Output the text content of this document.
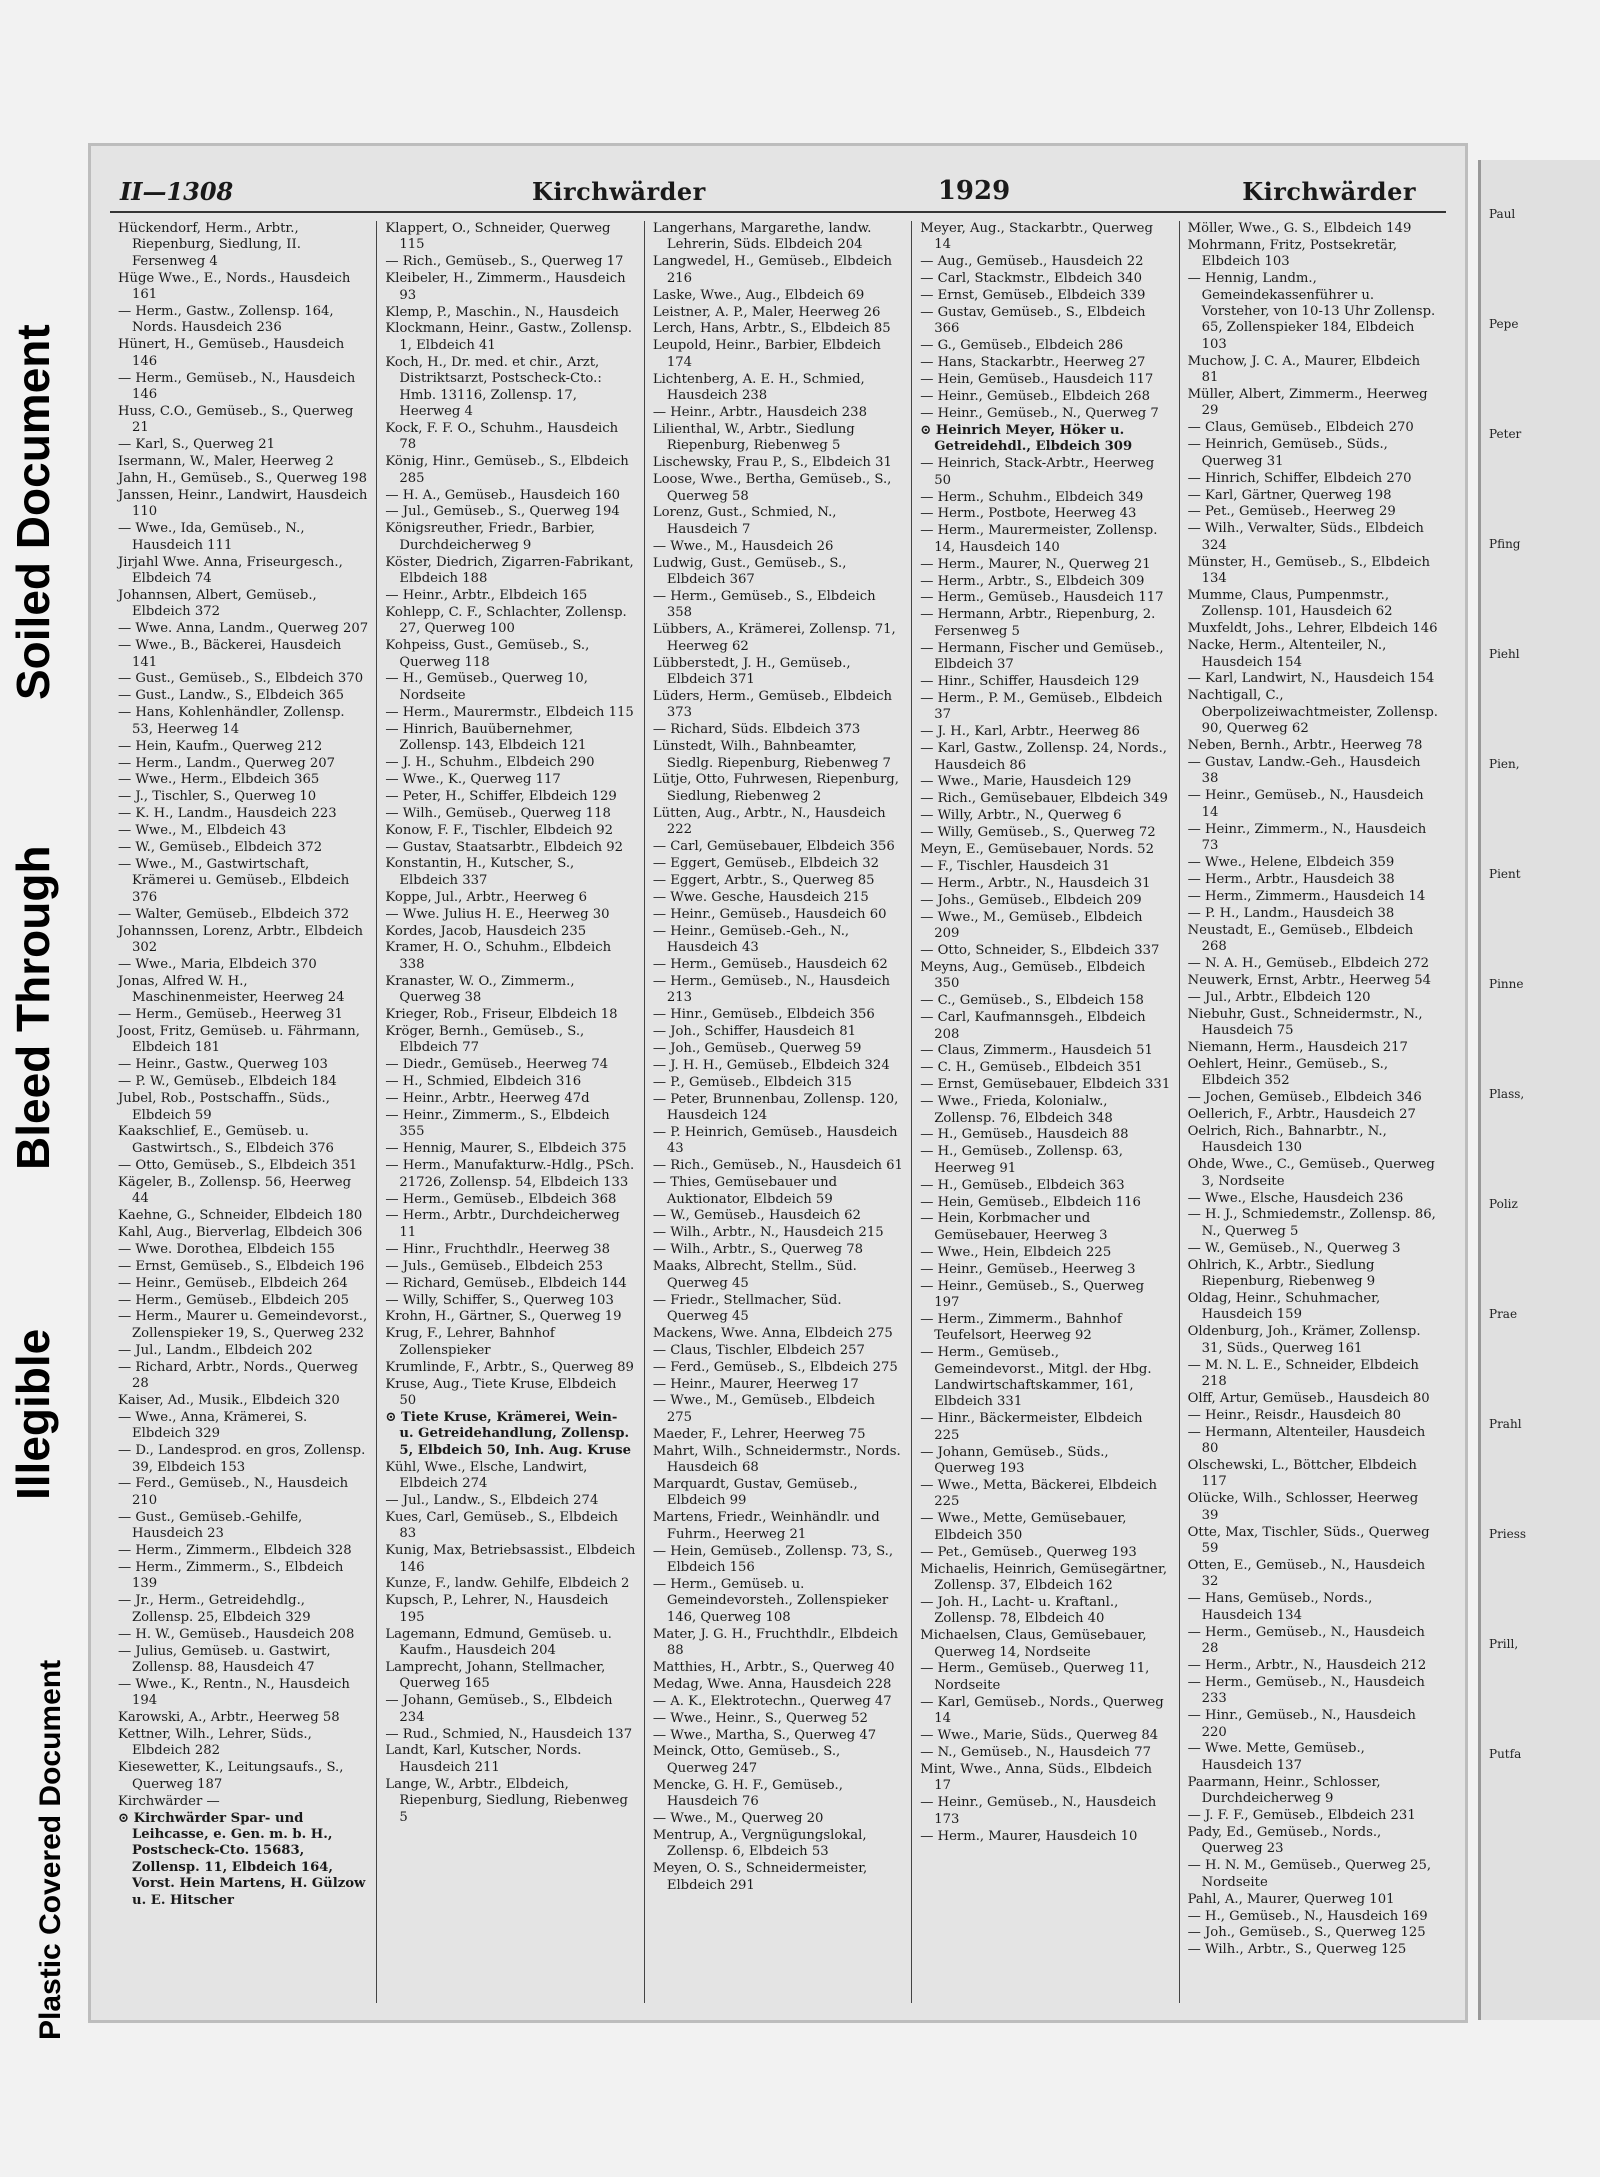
Soiled Document
Bleed Through
Illegible
Plastic Covered Document
II—1308	Kirchwärder	1929	Kirchwärder
Hückendorf, Herm., Arbtr., Riepenburg, Siedlung, II. Fersenweg 4
Hüge Wwe., E., Nords., Hausdeich 161
— Herm., Gastw., Zollensp. 164, Nords. Hausdeich 236
Hünert, H., Gemüseb., Hausdeich 146
— Herm., Gemüseb., N., Hausdeich 146
Huss, C.O., Gemüseb., S., Querweg 21
— Karl, S., Querweg 21
Isermann, W., Maler, Heerweg 2
Jahn, H., Gemüseb., S., Querweg 198
Janssen, Heinr., Landwirt, Hausdeich 110
— Wwe., Ida, Gemüseb., N., Hausdeich 111
Jirjahl Wwe. Anna, Friseurgesch., Elbdeich 74
Johannsen, Albert, Gemüseb., Elbdeich 372
— Wwe. Anna, Landm., Querweg 207
— Wwe., B., Bäckerei, Hausdeich 141
— Gust., Gemüseb., S., Elbdeich 370
— Gust., Landw., S., Elbdeich 365
— Hans, Kohlenhändler, Zollensp. 53, Heerweg 14
— Hein, Kaufm., Querweg 212
— Herm., Landm., Querweg 207
— Wwe., Herm., Elbdeich 365
— J., Tischler, S., Querweg 10
— K. H., Landm., Hausdeich 223
— Wwe., M., Elbdeich 43
— W., Gemüseb., Elbdeich 372
— Wwe., M., Gastwirtschaft, Krämerei u. Gemüseb., Elbdeich 376
— Walter, Gemüseb., Elbdeich 372
Johannssen, Lorenz, Arbtr., Elbdeich 302
— Wwe., Maria, Elbdeich 370
Jonas, Alfred W. H., Maschinenmeister, Heerweg 24
— Herm., Gemüseb., Heerweg 31
Joost, Fritz, Gemüseb. u. Fährmann, Elbdeich 181
— Heinr., Gastw., Querweg 103
— P. W., Gemüseb., Elbdeich 184
Jubel, Rob., Postschaffn., Süds., Elbdeich 59
Kaakschlief, E., Gemüseb. u. Gastwirtsch., S., Elbdeich 376
— Otto, Gemüseb., S., Elbdeich 351
Kägeler, B., Zollensp. 56, Heerweg 44
Kaehne, G., Schneider, Elbdeich 180
Kahl, Aug., Bierverlag, Elbdeich 306
— Wwe. Dorothea, Elbdeich 155
— Ernst, Gemüseb., S., Elbdeich 196
— Heinr., Gemüseb., Elbdeich 264
— Herm., Gemüseb., Elbdeich 205
— Herm., Maurer u. Gemeindevorst., Zollenspieker 19, S., Querweg 232
— Jul., Landm., Elbdeich 202
— Richard, Arbtr., Nords., Querweg 28
Kaiser, Ad., Musik., Elbdeich 320
— Wwe., Anna, Krämerei, S. Elbdeich 329
— D., Landesprod. en gros, Zollensp. 39, Elbdeich 153
— Ferd., Gemüseb., N., Hausdeich 210
— Gust., Gemüseb.-Gehilfe, Hausdeich 23
— Herm., Zimmerm., Elbdeich 328
— Herm., Zimmerm., S., Elbdeich 139
— Jr., Herm., Getreidehdlg., Zollensp. 25, Elbdeich 329
— H. W., Gemüseb., Hausdeich 208
— Julius, Gemüseb. u. Gastwirt, Zollensp. 88, Hausdeich 47
— Wwe., K., Rentn., N., Hausdeich 194
Karowski, A., Arbtr., Heerweg 58
Kettner, Wilh., Lehrer, Süds., Elbdeich 282
Kiesewetter, K., Leitungsaufs., S., Querweg 187
Kirchwärder —
⊙ Kirchwärder Spar- und Leihcasse, e. Gen. m. b. H., Postscheck-Cto. 15683, Zollensp. 11, Elbdeich 164, Vorst. Hein Martens, H. Gülzow u. E. Hitscher
Klappert, O., Schneider, Querweg 115
— Rich., Gemüseb., S., Querweg 17
Kleibeler, H., Zimmerm., Hausdeich 93
Klemp, P., Maschin., N., Hausdeich
Klockmann, Heinr., Gastw., Zollensp. 1, Elbdeich 41
Koch, H., Dr. med. et chir., Arzt, Distriktsarzt, Postscheck-Cto.: Hmb. 13116, Zollensp. 17, Heerweg 4
Kock, F. F. O., Schuhm., Hausdeich 78
König, Hinr., Gemüseb., S., Elbdeich 285
— H. A., Gemüseb., Hausdeich 160
— Jul., Gemüseb., S., Querweg 194
Königsreuther, Friedr., Barbier, Durchdeicherweg 9
Köster, Diedrich, Zigarren-Fabrikant, Elbdeich 188
— Heinr., Arbtr., Elbdeich 165
Kohlepp, C. F., Schlachter, Zollensp. 27, Querweg 100
Kohpeiss, Gust., Gemüseb., S., Querweg 118
— H., Gemüseb., Querweg 10, Nordseite
— Herm., Maurermstr., Elbdeich 115
— Hinrich, Bauübernehmer, Zollensp. 143, Elbdeich 121
— J. H., Schuhm., Elbdeich 290
— Wwe., K., Querweg 117
— Peter, H., Schiffer, Elbdeich 129
— Wilh., Gemüseb., Querweg 118
Konow, F. F., Tischler, Elbdeich 92
— Gustav, Staatsarbtr., Elbdeich 92
Konstantin, H., Kutscher, S., Elbdeich 337
Koppe, Jul., Arbtr., Heerweg 6
— Wwe. Julius H. E., Heerweg 30
Kordes, Jacob, Hausdeich 235
Kramer, H. O., Schuhm., Elbdeich 338
Kranaster, W. O., Zimmerm., Querweg 38
Krieger, Rob., Friseur, Elbdeich 18
Kröger, Bernh., Gemüseb., S., Elbdeich 77
— Diedr., Gemüseb., Heerweg 74
— H., Schmied, Elbdeich 316
— Heinr., Arbtr., Heerweg 47d
— Heinr., Zimmerm., S., Elbdeich 355
— Hennig, Maurer, S., Elbdeich 375
— Herm., Manufakturw.-Hdlg., PSch. 21726, Zollensp. 54, Elbdeich 133
— Herm., Gemüseb., Elbdeich 368
— Herm., Arbtr., Durchdeicherweg 11
— Hinr., Fruchthdlr., Heerweg 38
— Juls., Gemüseb., Elbdeich 253
— Richard, Gemüseb., Elbdeich 144
— Willy, Schiffer, S., Querweg 103
Krohn, H., Gärtner, S., Querweg 19
Krug, F., Lehrer, Bahnhof Zollenspieker
Krumlinde, F., Arbtr., S., Querweg 89
Kruse, Aug., Tiete Kruse, Elbdeich 50
⊙ Tiete Kruse, Krämerei, Wein- u. Getreidehandlung, Zollensp. 5, Elbdeich 50, Inh. Aug. Kruse
Kühl, Wwe., Elsche, Landwirt, Elbdeich 274
— Jul., Landw., S., Elbdeich 274
Kues, Carl, Gemüseb., S., Elbdeich 83
Kunig, Max, Betriebsassist., Elbdeich 146
Kunze, F., landw. Gehilfe, Elbdeich 2
Kupsch, P., Lehrer, N., Hausdeich 195
Lagemann, Edmund, Gemüseb. u. Kaufm., Hausdeich 204
Lamprecht, Johann, Stellmacher, Querweg 165
— Johann, Gemüseb., S., Elbdeich 234
— Rud., Schmied, N., Hausdeich 137
Landt, Karl, Kutscher, Nords. Hausdeich 211
Lange, W., Arbtr., Elbdeich, Riepenburg, Siedlung, Riebenweg 5
Langerhans, Margarethe, landw. Lehrerin, Süds. Elbdeich 204
Langwedel, H., Gemüseb., Elbdeich 216
Laske, Wwe., Aug., Elbdeich 69
Leistner, A. P., Maler, Heerweg 26
Lerch, Hans, Arbtr., S., Elbdeich 85
Leupold, Heinr., Barbier, Elbdeich 174
Lichtenberg, A. E. H., Schmied, Hausdeich 238
— Heinr., Arbtr., Hausdeich 238
Lilienthal, W., Arbtr., Siedlung Riepenburg, Riebenweg 5
Lischewsky, Frau P., S., Elbdeich 31
Loose, Wwe., Bertha, Gemüseb., S., Querweg 58
Lorenz, Gust., Schmied, N., Hausdeich 7
— Wwe., M., Hausdeich 26
Ludwig, Gust., Gemüseb., S., Elbdeich 367
— Herm., Gemüseb., S., Elbdeich 358
Lübbers, A., Krämerei, Zollensp. 71, Heerweg 62
Lübberstedt, J. H., Gemüseb., Elbdeich 371
Lüders, Herm., Gemüseb., Elbdeich 373
— Richard, Süds. Elbdeich 373
Lünstedt, Wilh., Bahnbeamter, Siedlg. Riepenburg, Riebenweg 7
Lütje, Otto, Fuhrwesen, Riepenburg, Siedlung, Riebenweg 2
Lütten, Aug., Arbtr., N., Hausdeich 222
— Carl, Gemüsebauer, Elbdeich 356
— Eggert, Gemüseb., Elbdeich 32
— Eggert, Arbtr., S., Querweg 85
— Wwe. Gesche, Hausdeich 215
— Heinr., Gemüseb., Hausdeich 60
— Heinr., Gemüseb.-Geh., N., Hausdeich 43
— Herm., Gemüseb., Hausdeich 62
— Herm., Gemüseb., N., Hausdeich 213
— Hinr., Gemüseb., Elbdeich 356
— Joh., Schiffer, Hausdeich 81
— Joh., Gemüseb., Querweg 59
— J. H. H., Gemüseb., Elbdeich 324
— P., Gemüseb., Elbdeich 315
— Peter, Brunnenbau, Zollensp. 120, Hausdeich 124
— P. Heinrich, Gemüseb., Hausdeich 43
— Rich., Gemüseb., N., Hausdeich 61
— Thies, Gemüsebauer und Auktionator, Elbdeich 59
— W., Gemüseb., Hausdeich 62
— Wilh., Arbtr., N., Hausdeich 215
— Wilh., Arbtr., S., Querweg 78
Maaks, Albrecht, Stellm., Süd. Querweg 45
— Friedr., Stellmacher, Süd. Querweg 45
Mackens, Wwe. Anna, Elbdeich 275
— Claus, Tischler, Elbdeich 257
— Ferd., Gemüseb., S., Elbdeich 275
— Heinr., Maurer, Heerweg 17
— Wwe., M., Gemüseb., Elbdeich 275
Maeder, F., Lehrer, Heerweg 75
Mahrt, Wilh., Schneidermstr., Nords. Hausdeich 68
Marquardt, Gustav, Gemüseb., Elbdeich 99
Martens, Friedr., Weinhändlr. und Fuhrm., Heerweg 21
— Hein, Gemüseb., Zollensp. 73, S., Elbdeich 156
— Herm., Gemüseb. u. Gemeindevorsteh., Zollenspieker 146, Querweg 108
Mater, J. G. H., Fruchthdlr., Elbdeich 88
Matthies, H., Arbtr., S., Querweg 40
Medag, Wwe. Anna, Hausdeich 228
— A. K., Elektrotechn., Querweg 47
— Wwe., Heinr., S., Querweg 52
— Wwe., Martha, S., Querweg 47
Meinck, Otto, Gemüseb., S., Querweg 247
Mencke, G. H. F., Gemüseb., Hausdeich 76
— Wwe., M., Querweg 20
Mentrup, A., Vergnügungslokal, Zollensp. 6, Elbdeich 53
Meyen, O. S., Schneidermeister, Elbdeich 291
Meyer, Aug., Stackarbtr., Querweg 14
— Aug., Gemüseb., Hausdeich 22
— Carl, Stackmstr., Elbdeich 340
— Ernst, Gemüseb., Elbdeich 339
— Gustav, Gemüseb., S., Elbdeich 366
— G., Gemüseb., Elbdeich 286
— Hans, Stackarbtr., Heerweg 27
— Hein, Gemüseb., Hausdeich 117
— Heinr., Gemüseb., Elbdeich 268
— Heinr., Gemüseb., N., Querweg 7
⊙ Heinrich Meyer, Höker u. Getreidehdl., Elbdeich 309
— Heinrich, Stack-Arbtr., Heerweg 50
— Herm., Schuhm., Elbdeich 349
— Herm., Postbote, Heerweg 43
— Herm., Maurermeister, Zollensp. 14, Hausdeich 140
— Herm., Maurer, N., Querweg 21
— Herm., Arbtr., S., Elbdeich 309
— Herm., Gemüseb., Hausdeich 117
— Hermann, Arbtr., Riepenburg, 2. Fersenweg 5
— Hermann, Fischer und Gemüseb., Elbdeich 37
— Hinr., Schiffer, Hausdeich 129
— Herm., P. M., Gemüseb., Elbdeich 37
— J. H., Karl, Arbtr., Heerweg 86
— Karl, Gastw., Zollensp. 24, Nords., Hausdeich 86
— Wwe., Marie, Hausdeich 129
— Rich., Gemüsebauer, Elbdeich 349
— Willy, Arbtr., N., Querweg 6
— Willy, Gemüseb., S., Querweg 72
Meyn, E., Gemüsebauer, Nords. 52
— F., Tischler, Hausdeich 31
— Herm., Arbtr., N., Hausdeich 31
— Johs., Gemüseb., Elbdeich 209
— Wwe., M., Gemüseb., Elbdeich 209
— Otto, Schneider, S., Elbdeich 337
Meyns, Aug., Gemüseb., Elbdeich 350
— C., Gemüseb., S., Elbdeich 158
— Carl, Kaufmannsgeh., Elbdeich 208
— Claus, Zimmerm., Hausdeich 51
— C. H., Gemüseb., Elbdeich 351
— Ernst, Gemüsebauer, Elbdeich 331
— Wwe., Frieda, Kolonialw., Zollensp. 76, Elbdeich 348
— H., Gemüseb., Hausdeich 88
— H., Gemüseb., Zollensp. 63, Heerweg 91
— H., Gemüseb., Elbdeich 363
— Hein, Gemüseb., Elbdeich 116
— Hein, Korbmacher und Gemüsebauer, Heerweg 3
— Wwe., Hein, Elbdeich 225
— Heinr., Gemüseb., Heerweg 3
— Heinr., Gemüseb., S., Querweg 197
— Herm., Zimmerm., Bahnhof Teufelsort, Heerweg 92
— Herm., Gemüseb., Gemeindevorst., Mitgl. der Hbg. Landwirtschaftskammer, 161, Elbdeich 331
— Hinr., Bäckermeister, Elbdeich 225
— Johann, Gemüseb., Süds., Querweg 193
— Wwe., Metta, Bäckerei, Elbdeich 225
— Wwe., Mette, Gemüsebauer, Elbdeich 350
— Pet., Gemüseb., Querweg 193
Michaelis, Heinrich, Gemüsegärtner, Zollensp. 37, Elbdeich 162
— Joh. H., Lacht- u. Kraftanl., Zollensp. 78, Elbdeich 40
Michaelsen, Claus, Gemüsebauer, Querweg 14, Nordseite
— Herm., Gemüseb., Querweg 11, Nordseite
— Karl, Gemüseb., Nords., Querweg 14
— Wwe., Marie, Süds., Querweg 84
— N., Gemüseb., N., Hausdeich 77
Mint, Wwe., Anna, Süds., Elbdeich 17
— Heinr., Gemüseb., N., Hausdeich 173
— Herm., Maurer, Hausdeich 10
Möller, Wwe., G. S., Elbdeich 149
Mohrmann, Fritz, Postsekretär, Elbdeich 103
— Hennig, Landm., Gemeindekassenführer u. Vorsteher, von 10-13 Uhr Zollensp. 65, Zollenspieker 184, Elbdeich 103
Muchow, J. C. A., Maurer, Elbdeich 81
Müller, Albert, Zimmerm., Heerweg 29
— Claus, Gemüseb., Elbdeich 270
— Heinrich, Gemüseb., Süds., Querweg 31
— Hinrich, Schiffer, Elbdeich 270
— Karl, Gärtner, Querweg 198
— Pet., Gemüseb., Heerweg 29
— Wilh., Verwalter, Süds., Elbdeich 324
Münster, H., Gemüseb., S., Elbdeich 134
Mumme, Claus, Pumpenmstr., Zollensp. 101, Hausdeich 62
Muxfeldt, Johs., Lehrer, Elbdeich 146
Nacke, Herm., Altenteiler, N., Hausdeich 154
— Karl, Landwirt, N., Hausdeich 154
Nachtigall, C., Oberpolizeiwachtmeister, Zollensp. 90, Querweg 62
Neben, Bernh., Arbtr., Heerweg 78
— Gustav, Landw.-Geh., Hausdeich 38
— Heinr., Gemüseb., N., Hausdeich 14
— Heinr., Zimmerm., N., Hausdeich 73
— Wwe., Helene, Elbdeich 359
— Herm., Arbtr., Hausdeich 38
— Herm., Zimmerm., Hausdeich 14
— P. H., Landm., Hausdeich 38
Neustadt, E., Gemüseb., Elbdeich 268
— N. A. H., Gemüseb., Elbdeich 272
Neuwerk, Ernst, Arbtr., Heerweg 54
— Jul., Arbtr., Elbdeich 120
Niebuhr, Gust., Schneidermstr., N., Hausdeich 75
Niemann, Herm., Hausdeich 217
Oehlert, Heinr., Gemüseb., S., Elbdeich 352
— Jochen, Gemüseb., Elbdeich 346
Oellerich, F., Arbtr., Hausdeich 27
Oelrich, Rich., Bahnarbtr., N., Hausdeich 130
Ohde, Wwe., C., Gemüseb., Querweg 3, Nordseite
— Wwe., Elsche, Hausdeich 236
— H. J., Schmiedemstr., Zollensp. 86, N., Querweg 5
— W., Gemüseb., N., Querweg 3
Ohlrich, K., Arbtr., Siedlung Riepenburg, Riebenweg 9
Oldag, Heinr., Schuhmacher, Hausdeich 159
Oldenburg, Joh., Krämer, Zollensp. 31, Süds., Querweg 161
— M. N. L. E., Schneider, Elbdeich 218
Olff, Artur, Gemüseb., Hausdeich 80
— Heinr., Reisdr., Hausdeich 80
— Hermann, Altenteiler, Hausdeich 80
Olschewski, L., Böttcher, Elbdeich 117
Olücke, Wilh., Schlosser, Heerweg 39
Otte, Max, Tischler, Süds., Querweg 59
Otten, E., Gemüseb., N., Hausdeich 32
— Hans, Gemüseb., Nords., Hausdeich 134
— Herm., Gemüseb., N., Hausdeich 28
— Herm., Arbtr., N., Hausdeich 212
— Herm., Gemüseb., N., Hausdeich 233
— Hinr., Gemüseb., N., Hausdeich 220
— Wwe. Mette, Gemüseb., Hausdeich 137
Paarmann, Heinr., Schlosser, Durchdeicherweg 9
— J. F. F., Gemüseb., Elbdeich 231
Pady, Ed., Gemüseb., Nords., Querweg 23
— H. N. M., Gemüseb., Querweg 25, Nordseite
Pahl, A., Maurer, Querweg 101
— H., Gemüseb., N., Hausdeich 169
— Joh., Gemüseb., S., Querweg 125
— Wilh., Arbtr., S., Querweg 125
Paul
Pepe
Peter
Pfing
Piehl
Pien,
Pient
Pinne
Plass,
Poliz
Prae
Prahl
Priess
Prill,
Putfa
